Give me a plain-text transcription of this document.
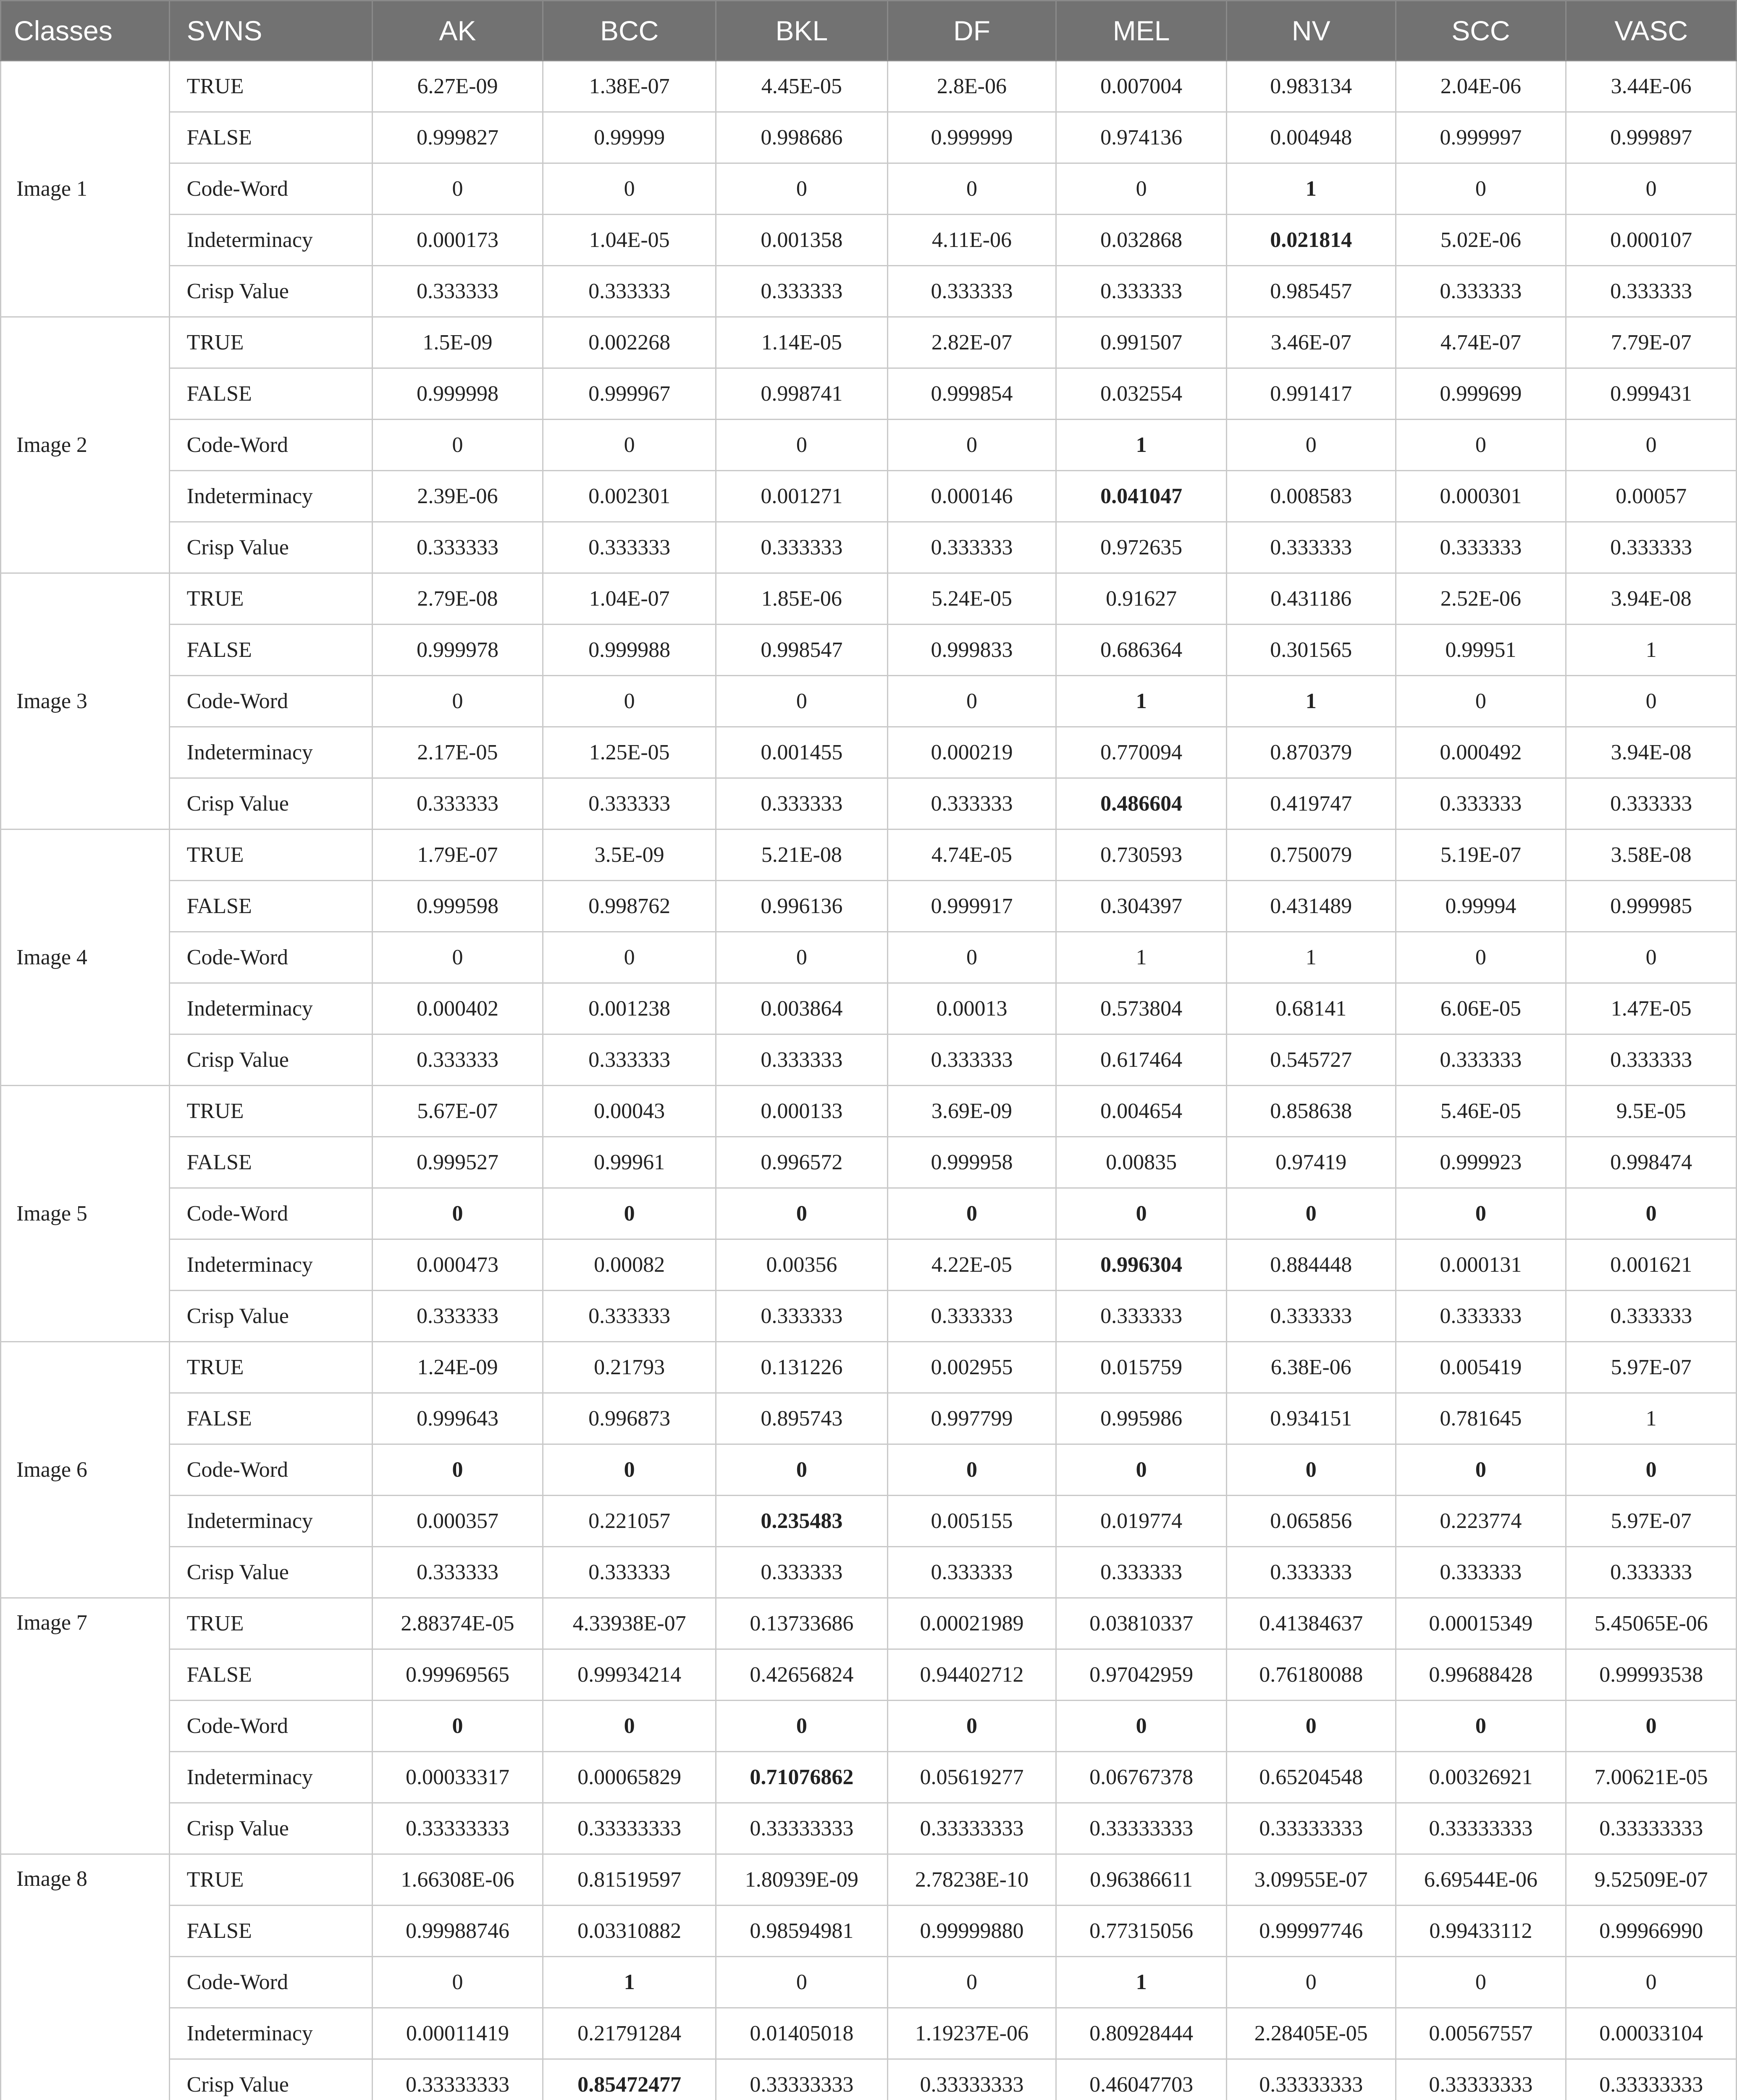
Classes	SVNS	AK	BCC	BKL	DF	MEL	NV	SCC	VASC
Image 1	TRUE	6.27E-09	1.38E-07	4.45E-05	2.8E-06	0.007004	0.983134	2.04E-06	3.44E-06
	FALSE	0.999827	0.99999	0.998686	0.999999	0.974136	0.004948	0.999997	0.999897
	Code-Word	0	0	0	0	0	1	0	0
	Indeterminacy	0.000173	1.04E-05	0.001358	4.11E-06	0.032868	0.021814	5.02E-06	0.000107
	Crisp Value	0.333333	0.333333	0.333333	0.333333	0.333333	0.985457	0.333333	0.333333
Image 2	TRUE	1.5E-09	0.002268	1.14E-05	2.82E-07	0.991507	3.46E-07	4.74E-07	7.79E-07
	FALSE	0.999998	0.999967	0.998741	0.999854	0.032554	0.991417	0.999699	0.999431
	Code-Word	0	0	0	0	1	0	0	0
	Indeterminacy	2.39E-06	0.002301	0.001271	0.000146	0.041047	0.008583	0.000301	0.00057
	Crisp Value	0.333333	0.333333	0.333333	0.333333	0.972635	0.333333	0.333333	0.333333
Image 3	TRUE	2.79E-08	1.04E-07	1.85E-06	5.24E-05	0.91627	0.431186	2.52E-06	3.94E-08
	FALSE	0.999978	0.999988	0.998547	0.999833	0.686364	0.301565	0.99951	1
	Code-Word	0	0	0	0	1	1	0	0
	Indeterminacy	2.17E-05	1.25E-05	0.001455	0.000219	0.770094	0.870379	0.000492	3.94E-08
	Crisp Value	0.333333	0.333333	0.333333	0.333333	0.486604	0.419747	0.333333	0.333333
Image 4	TRUE	1.79E-07	3.5E-09	5.21E-08	4.74E-05	0.730593	0.750079	5.19E-07	3.58E-08
	FALSE	0.999598	0.998762	0.996136	0.999917	0.304397	0.431489	0.99994	0.999985
	Code-Word	0	0	0	0	1	1	0	0
	Indeterminacy	0.000402	0.001238	0.003864	0.00013	0.573804	0.68141	6.06E-05	1.47E-05
	Crisp Value	0.333333	0.333333	0.333333	0.333333	0.617464	0.545727	0.333333	0.333333
Image 5	TRUE	5.67E-07	0.00043	0.000133	3.69E-09	0.004654	0.858638	5.46E-05	9.5E-05
	FALSE	0.999527	0.99961	0.996572	0.999958	0.00835	0.97419	0.999923	0.998474
	Code-Word	0	0	0	0	0	0	0	0
	Indeterminacy	0.000473	0.00082	0.00356	4.22E-05	0.996304	0.884448	0.000131	0.001621
	Crisp Value	0.333333	0.333333	0.333333	0.333333	0.333333	0.333333	0.333333	0.333333
Image 6	TRUE	1.24E-09	0.21793	0.131226	0.002955	0.015759	6.38E-06	0.005419	5.97E-07
	FALSE	0.999643	0.996873	0.895743	0.997799	0.995986	0.934151	0.781645	1
	Code-Word	0	0	0	0	0	0	0	0
	Indeterminacy	0.000357	0.221057	0.235483	0.005155	0.019774	0.065856	0.223774	5.97E-07
	Crisp Value	0.333333	0.333333	0.333333	0.333333	0.333333	0.333333	0.333333	0.333333
Image 7	TRUE	2.88374E-05	4.33938E-07	0.13733686	0.00021989	0.03810337	0.41384637	0.00015349	5.45065E-06
	FALSE	0.99969565	0.99934214	0.42656824	0.94402712	0.97042959	0.76180088	0.99688428	0.99993538
	Code-Word	0	0	0	0	0	0	0	0
	Indeterminacy	0.00033317	0.00065829	0.71076862	0.05619277	0.06767378	0.65204548	0.00326921	7.00621E-05
	Crisp Value	0.33333333	0.33333333	0.33333333	0.33333333	0.33333333	0.33333333	0.33333333	0.33333333
Image 8	TRUE	1.66308E-06	0.81519597	1.80939E-09	2.78238E-10	0.96386611	3.09955E-07	6.69544E-06	9.52509E-07
	FALSE	0.99988746	0.03310882	0.98594981	0.99999880	0.77315056	0.99997746	0.99433112	0.99966990
	Code-Word	0	1	0	0	1	0	0	0
	Indeterminacy	0.00011419	0.21791284	0.01405018	1.19237E-06	0.80928444	2.28405E-05	0.00567557	0.00033104
	Crisp Value	0.33333333	0.85472477	0.33333333	0.33333333	0.46047703	0.33333333	0.33333333	0.33333333
